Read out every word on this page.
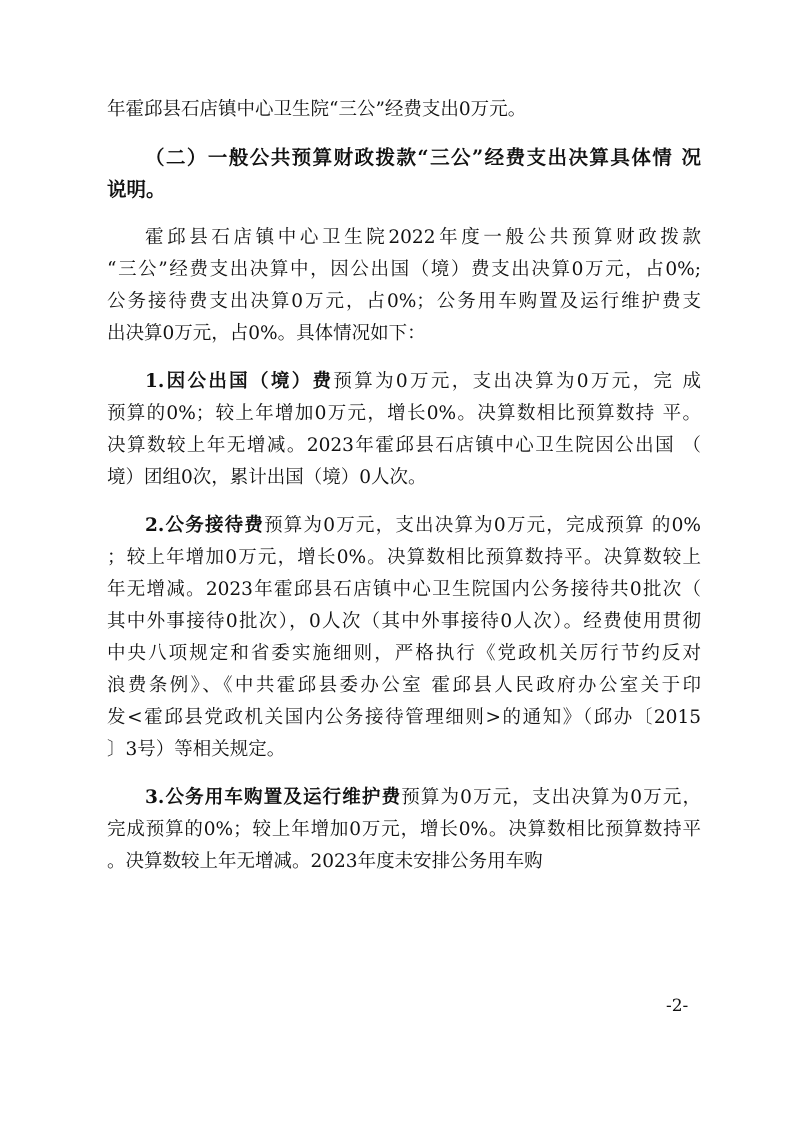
年霍邱县石店镇中心卫生院“三公”经费支出0万元。
（二）一般公共预算财政拨款“三公”经费支出决算具体情 况
说明。
霍邱县石店镇中心卫生院2022年度一般公共预算财政拨款
“三公”经费支出决算中，因公出国（境）费支出决算0万元，占0%;
公务接待费支出决算0万元，占0%；公务用车购置及运行维护费支
出决算0万元，占0%。具体情况如下：
1.因公出国（境）费预算为0万元，支出决算为0万元，完 成
预算的0%；较上年增加0万元，增长0%。决算数相比预算数持 平。
决算数较上年无增减。2023年霍邱县石店镇中心卫生院因公出国 （
境）团组0次，累计出国（境）0人次。
2.公务接待费预算为0万元，支出决算为0万元，完成预算 的0%
；较上年增加0万元，增长0%。决算数相比预算数持平。决算数较上
年无增减。2023年霍邱县石店镇中心卫生院国内公务接待共0批次（
其中外事接待0批次），0人次（其中外事接待0人次）。经费使用贯彻
中央八项规定和省委实施细则，严格执行《党政机关厉行节约反对
浪费条例》、《中共霍邱县委办公室 霍邱县人民政府办公室关于印
发<霍邱县党政机关国内公务接待管理细则>的通知》（邱办〔2015
〕3号）等相关规定。
3.公务用车购置及运行维护费预算为0万元，支出决算为0万元，
完成预算的0%；较上年增加0万元，增长0%。决算数相比预算数持平
。决算数较上年无增减。2023年度未安排公务用车购
-2-
